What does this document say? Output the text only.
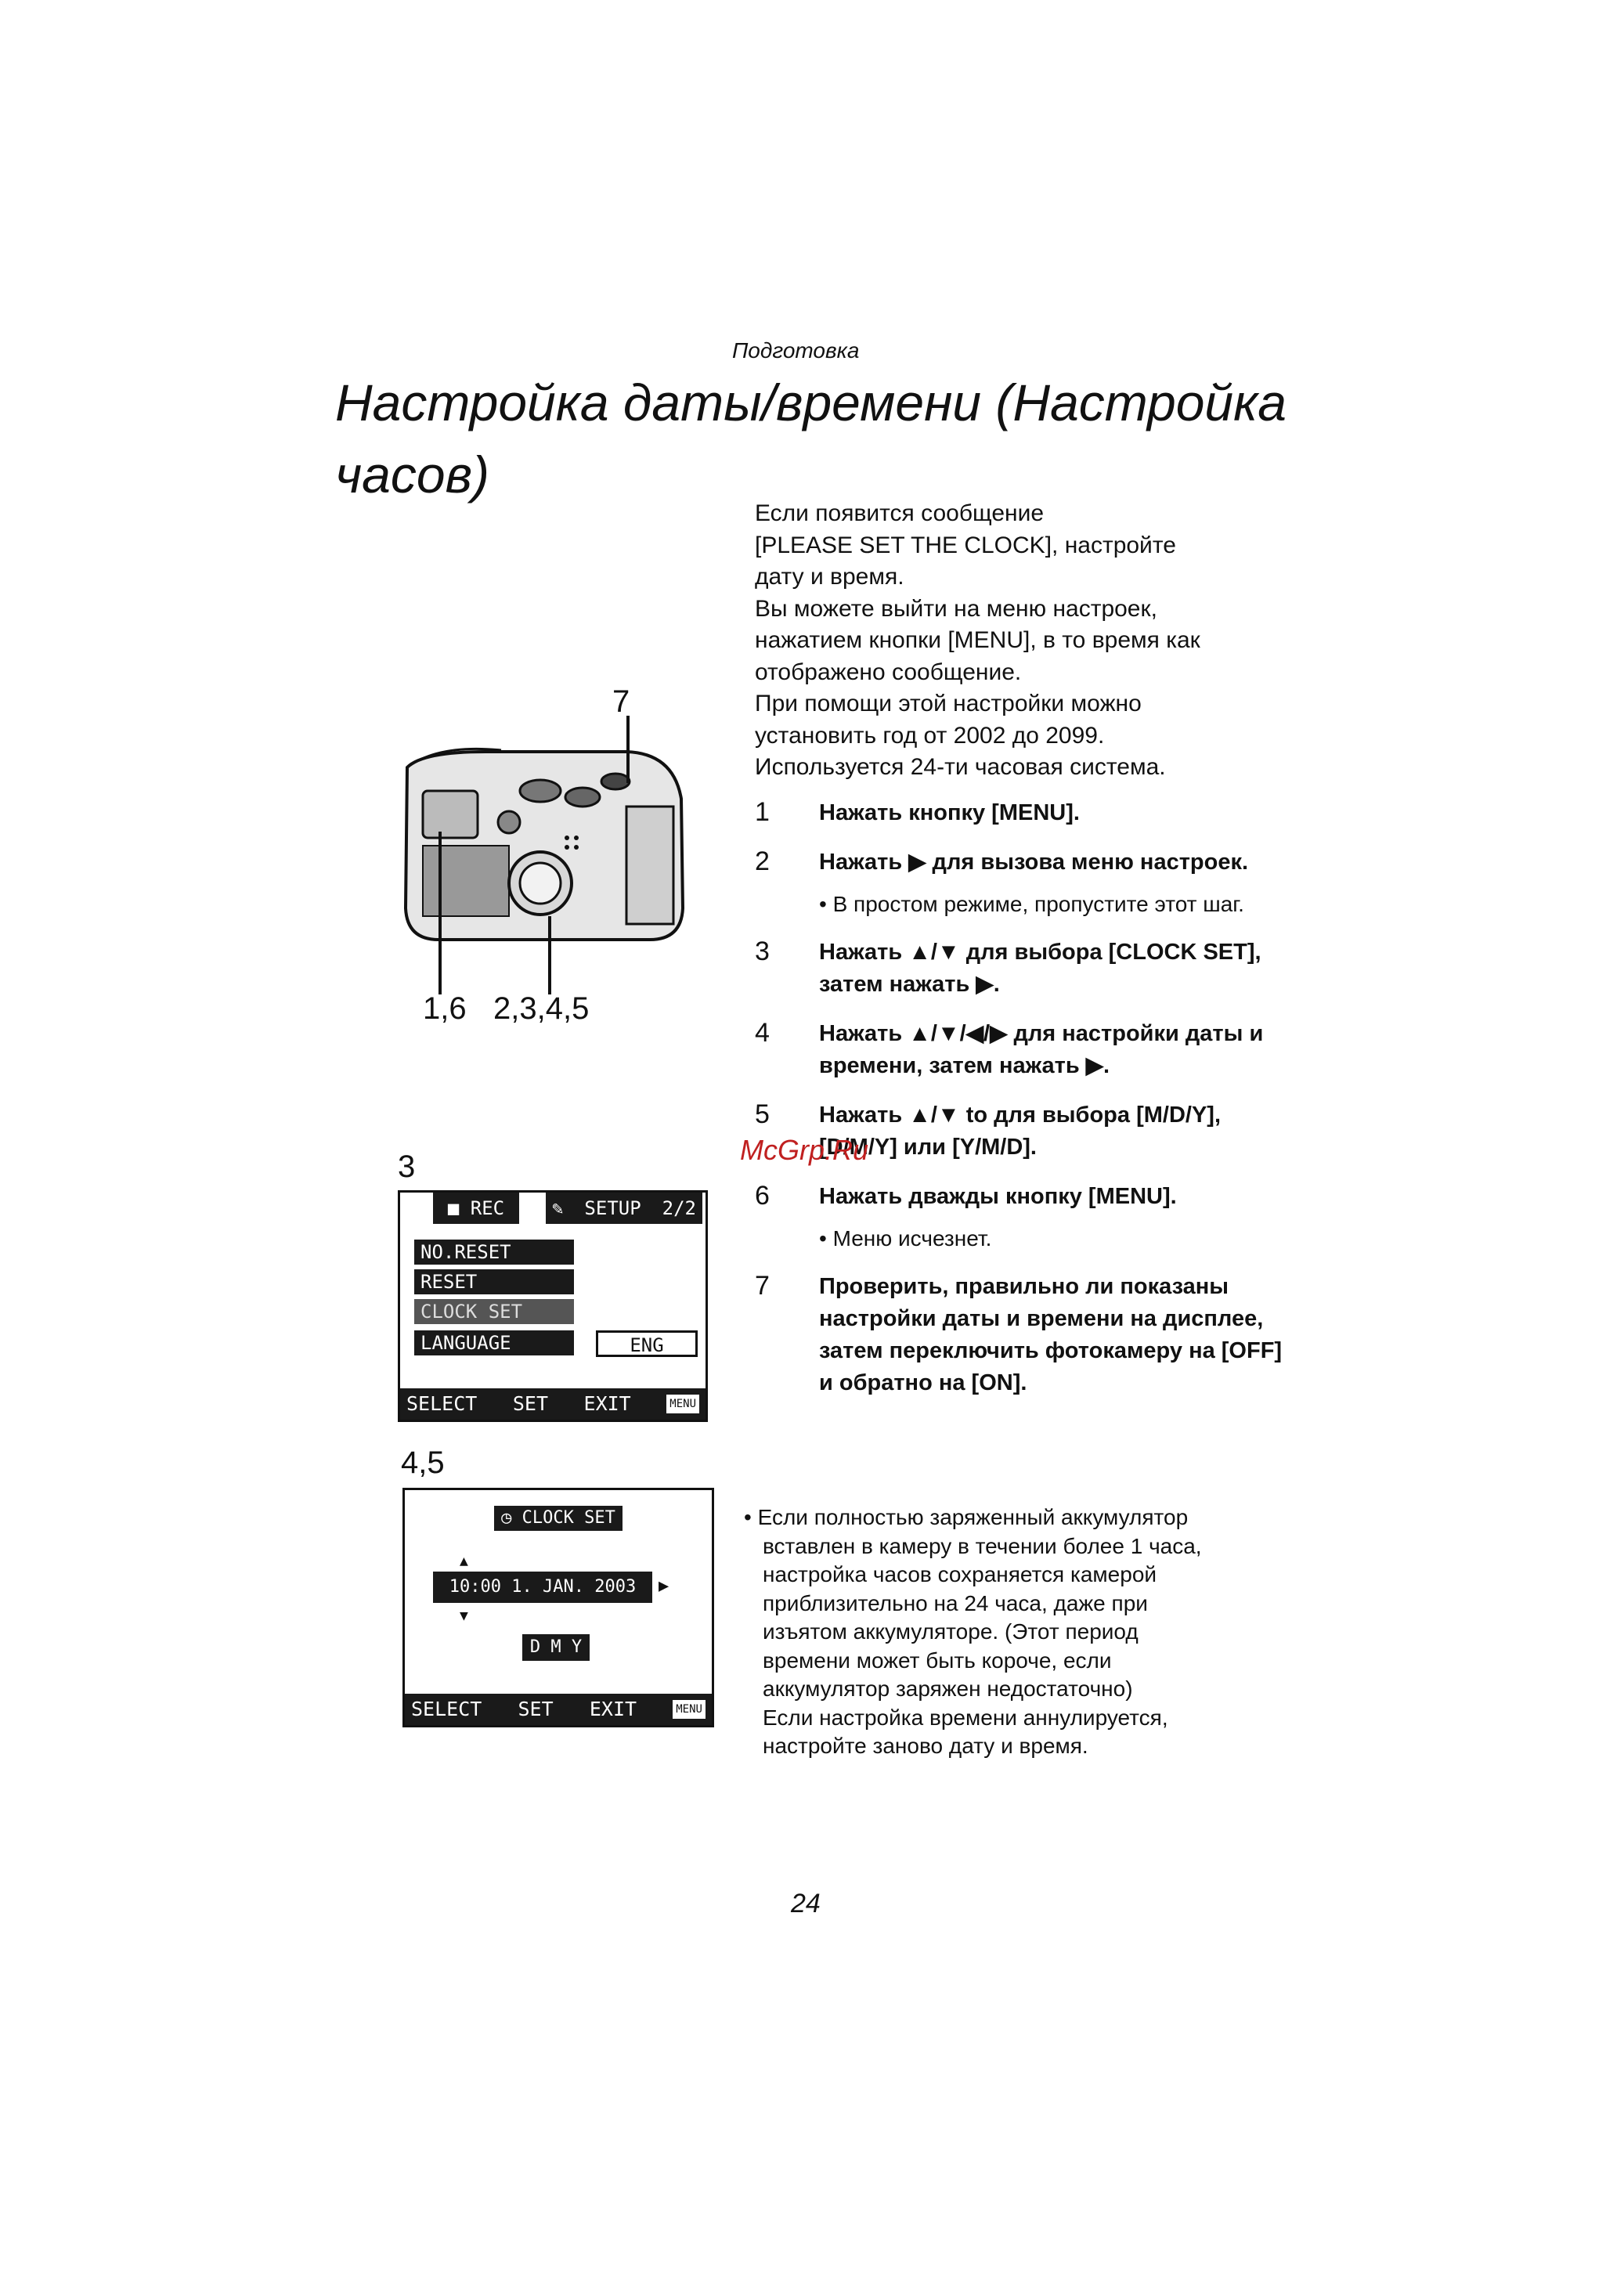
Подготовка
Настройка даты/времени (Настройка часов)
Если появится сообщение
[PLEASE SET THE CLOCK], настройте
дату и время.
Вы можете выйти на меню настроек,
нажатием кнопки [MENU], в то время как
отображено сообщение.
При помощи этой настройки можно
установить год от 2002 до 2099.
Используется 24-ти часовая система.
1	Нажать кнопку [MENU].
2	Нажать ▶ для вызова меню настроек.
• В простом режиме, пропустите этот шаг.
3	Нажать ▲/▼ для выбора [CLOCK SET], затем нажать ▶.
4	Нажать ▲/▼/◀/▶ для настройки даты и времени, затем нажать ▶.
5	Нажать ▲/▼ to для выбора [M/D/Y], [D/M/Y] или [Y/M/D].
6	Нажать дважды кнопку [MENU].
• Меню исчезнет.
7	Проверить, правильно ли показаны настройки даты и времени на дисплее, затем переключить фотокамеру на [OFF] и обратно на [ON].

• Если полностью заряженный аккумулятор

вставлен в камеру в течении более 1 часа,

настройка часов сохраняется камерой

приблизительно на 24 часа, даже при

изъятом аккумуляторе. (Этот период

времени может быть короче, если

аккумулятор заряжен недостаточно)

Если настройка времени аннулируется,

настройте заново дату и время.

7
1,6 2,3,4,5
3
■ REC	✎ SETUP 2/2
NO.RESET
RESET
CLOCK SET
LANGUAGE	ENG
SELECT SET EXIT	MENU
4,5
◷ CLOCK SET
▲
10:00 1. JAN. 2003	▶
▼
D M Y
SELECT SET EXIT	MENU
McGrp.Ru
24
